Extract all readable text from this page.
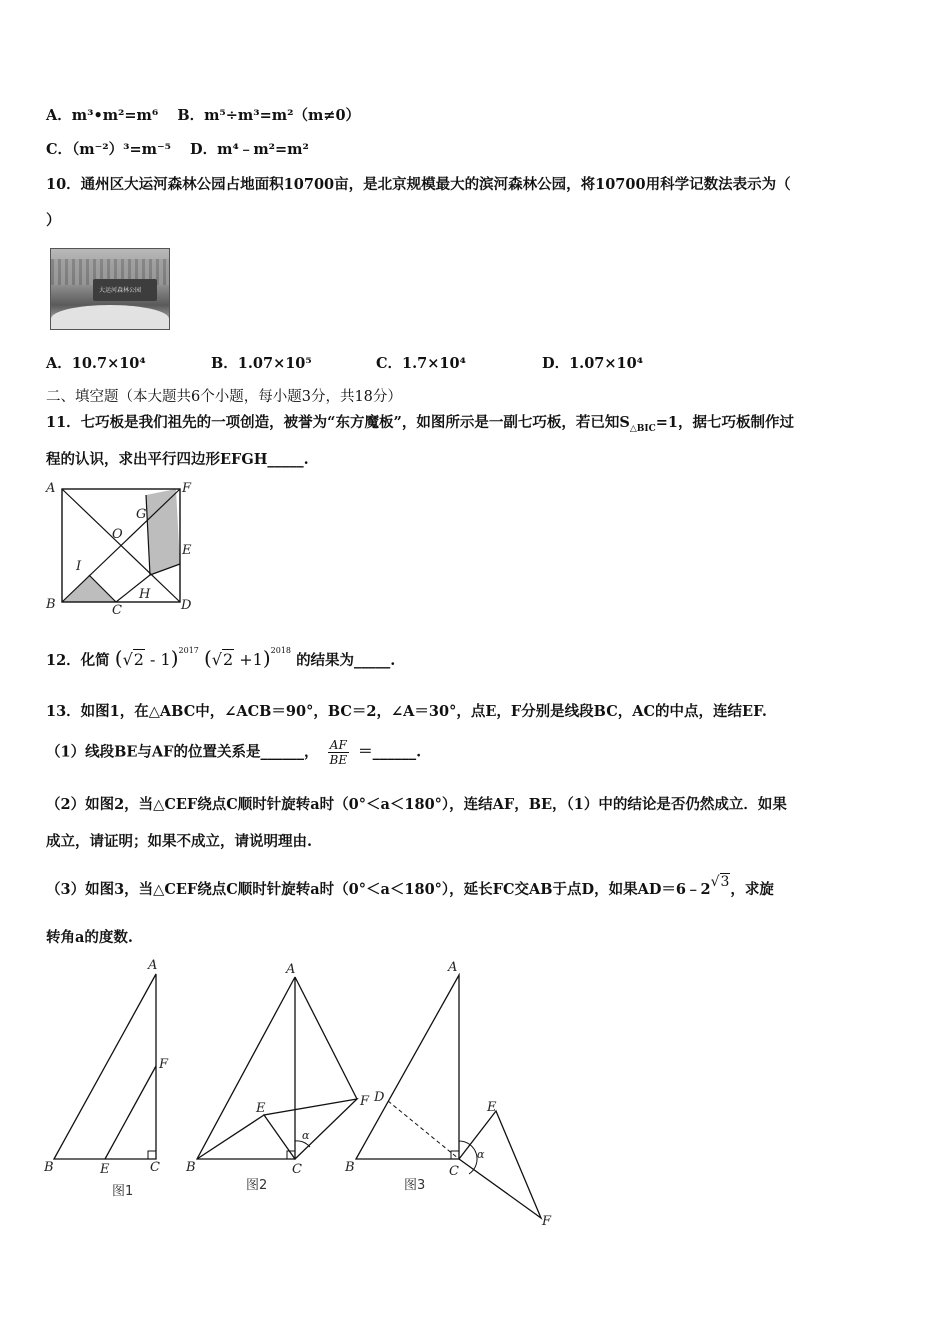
A．m³•m²=m⁶ B．m⁵÷m³=m²（m≠0）
C．（m⁻²）³=m⁻⁵ D．m⁴﹣m²=m²
10．通州区大运河森林公园占地面积10700亩，是北京规模最大的滨河森林公园，将10700用科学记数法表示为（
）
大运河森林公园
A．10.7×10⁴	B．1.07×10⁵	C．1.7×10⁴	D．1.07×10⁴
二、填空题（本大题共6个小题，每小题3分，共18分）
11．七巧板是我们祖先的一项创造，被誉为“东方魔板”，如图所示是一副七巧板，若已知$S_{\triangle BIC}=1$，据七巧板制作过
程的认识，求出平行四边形EFGH_____.
A	F
G
O
E
I
H
B	C	D
12．化简 (√2 - 1)$^{2017}$ $(√2 +1)^{2018}$ 的结果为_____.
13．如图1，在△ABC中，∠ACB＝90°，BC＝2，∠A＝30°，点E，F分别是线段BC，AC的中点，连结EF.
（1）线段BE与AF的位置关系是______， $\frac{AF}{BE}$ ＝______.
（2）如图2，当△CEF绕点C顺时针旋转a时（0°＜a＜180°），连结AF，BE，（1）中的结论是否仍然成立．如果
成立，请证明；如果不成立，请说明理由.
（3）如图3，当△CEF绕点C顺时针旋转a时（0°＜a＜180°），延长FC交AB于点D，如果AD＝6﹣2√3，求旋
转角a的度数.
A
F
B	E	C
图1
A
E	F
α
B	C
图2
A
D
E
α
B	C
F
图3
